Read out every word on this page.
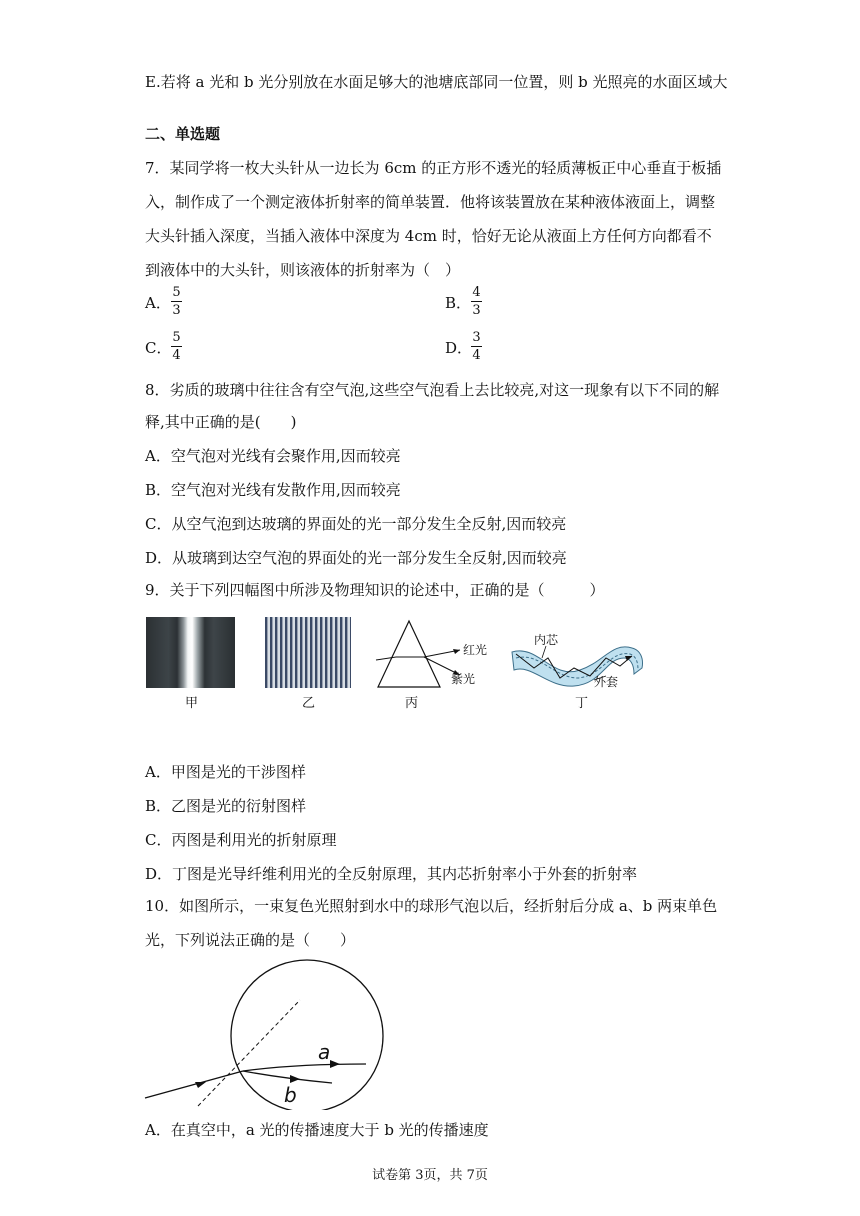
E.若将 a 光和 b 光分别放在水面足够大的池塘底部同一位置，则 b 光照亮的水面区域大
二、单选题
7．某同学将一枚大头针从一边长为 6cm 的正方形不透光的轻质薄板正中心垂直于板插
入，制作成了一个测定液体折射率的简单装置．他将该装置放在某种液体液面上，调整
大头针插入深度，当插入液体中深度为 4cm 时，恰好无论从液面上方任何方向都看不
到液体中的大头针，则该液体的折射率为（　）
A．
5
3	B．
4
3
C．
5
4	D．
3
4
8．劣质的玻璃中往往含有空气泡,这些空气泡看上去比较亮,对这一现象有以下不同的解
释,其中正确的是(　　)
A．空气泡对光线有会聚作用,因而较亮
B．空气泡对光线有发散作用,因而较亮
C．从空气泡到达玻璃的界面处的光一部分发生全反射,因而较亮
D．从玻璃到达空气泡的界面处的光一部分发生全反射,因而较亮
9．关于下列四幅图中所涉及物理知识的论述中，正确的是（　　　）
甲	乙
红光
紫光
丙
内芯
外套
丁
A．甲图是光的干涉图样
B．乙图是光的衍射图样
C．丙图是利用光的折射原理
D．丁图是光导纤维利用光的全反射原理，其内芯折射率小于外套的折射率
10．如图所示，一束复色光照射到水中的球形气泡以后，经折射后分成 a、b 两束单色
光，下列说法正确的是（　　）
a
b
A．在真空中，a 光的传播速度大于 b 光的传播速度
试卷第 3页，共 7页
